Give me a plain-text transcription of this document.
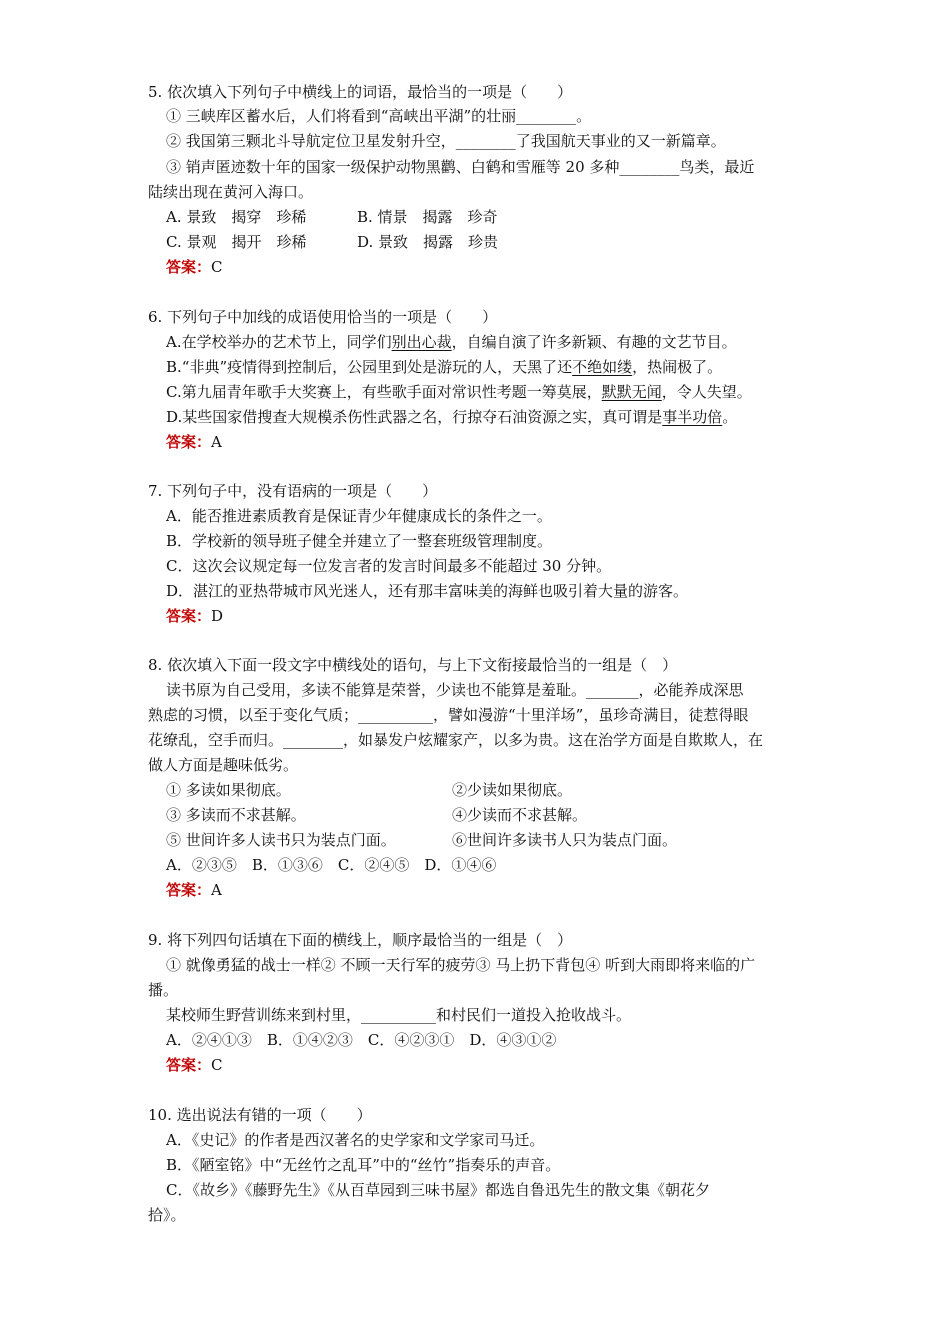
5. 依次填入下列句子中横线上的词语，最恰当的一项是（　　）
① 三峡库区蓄水后，人们将看到“高峡出平湖”的壮丽________。
② 我国第三颗北斗导航定位卫星发射升空，________了我国航天事业的又一新篇章。
③ 销声匿迹数十年的国家一级保护动物黑鹳、白鹤和雪雁等 20 多种________鸟类，最近
陆续出现在黄河入海口。
A. 景致　揭穿　珍稀	B. 情景　揭露　珍奇
C. 景观　揭开　珍稀	D. 景致　揭露　珍贵
答案：C
6. 下列句子中加线的成语使用恰当的一项是（　　）
A.在学校举办的艺术节上，同学们别出心裁，自编自演了许多新颖、有趣的文艺节目。
B.“非典”疫情得到控制后，公园里到处是游玩的人，天黑了还不绝如缕，热闹极了。
C.第九届青年歌手大奖赛上，有些歌手面对常识性考题一筹莫展，默默无闻，令人失望。
D.某些国家借搜查大规模杀伤性武器之名，行掠夺石油资源之实，真可谓是事半功倍。
答案：A
7. 下列句子中，没有语病的一项是（　　）
A．能否推进素质教育是保证青少年健康成长的条件之一。
B．学校新的领导班子健全并建立了一整套班级管理制度。
C．这次会议规定每一位发言者的发言时间最多不能超过 30 分钟。
D．湛江的亚热带城市风光迷人，还有那丰富味美的海鲜也吸引着大量的游客。
答案：D
8. 依次填入下面一段文字中横线处的语句，与上下文衔接最恰当的一组是（　）
读书原为自己受用，多读不能算是荣誉，少读也不能算是羞耻。_______，必能养成深思
熟虑的习惯，以至于变化气质；__________，譬如漫游“十里洋场”，虽珍奇满目，徒惹得眼
花缭乱，空手而归。________，如暴发户炫耀家产，以多为贵。这在治学方面是自欺欺人，在
做人方面是趣味低劣。
① 多读如果彻底。	②少读如果彻底。
③ 多读而不求甚解。	④少读而不求甚解。
⑤ 世间许多人读书只为装点门面。	⑥世间许多读书人只为装点门面。
A．②③⑤　B．①③⑥　C．②④⑤　D．①④⑥
答案：A
9. 将下列四句话填在下面的横线上，顺序最恰当的一组是（　）
① 就像勇猛的战士一样② 不顾一天行军的疲劳③ 马上扔下背包④ 听到大雨即将来临的广
播。
某校师生野营训练来到村里，__________和村民们一道投入抢收战斗。
A．②④①③　B．①④②③　C．④②③①　D．④③①②
答案：C
10. 选出说法有错的一项（　　）
A．《史记》的作者是西汉著名的史学家和文学家司马迁。
B．《陋室铭》中“无丝竹之乱耳”中的“丝竹”指奏乐的声音。
C．《故乡》《藤野先生》《从百草园到三味书屋》都选自鲁迅先生的散文集《朝花夕
拾》。
